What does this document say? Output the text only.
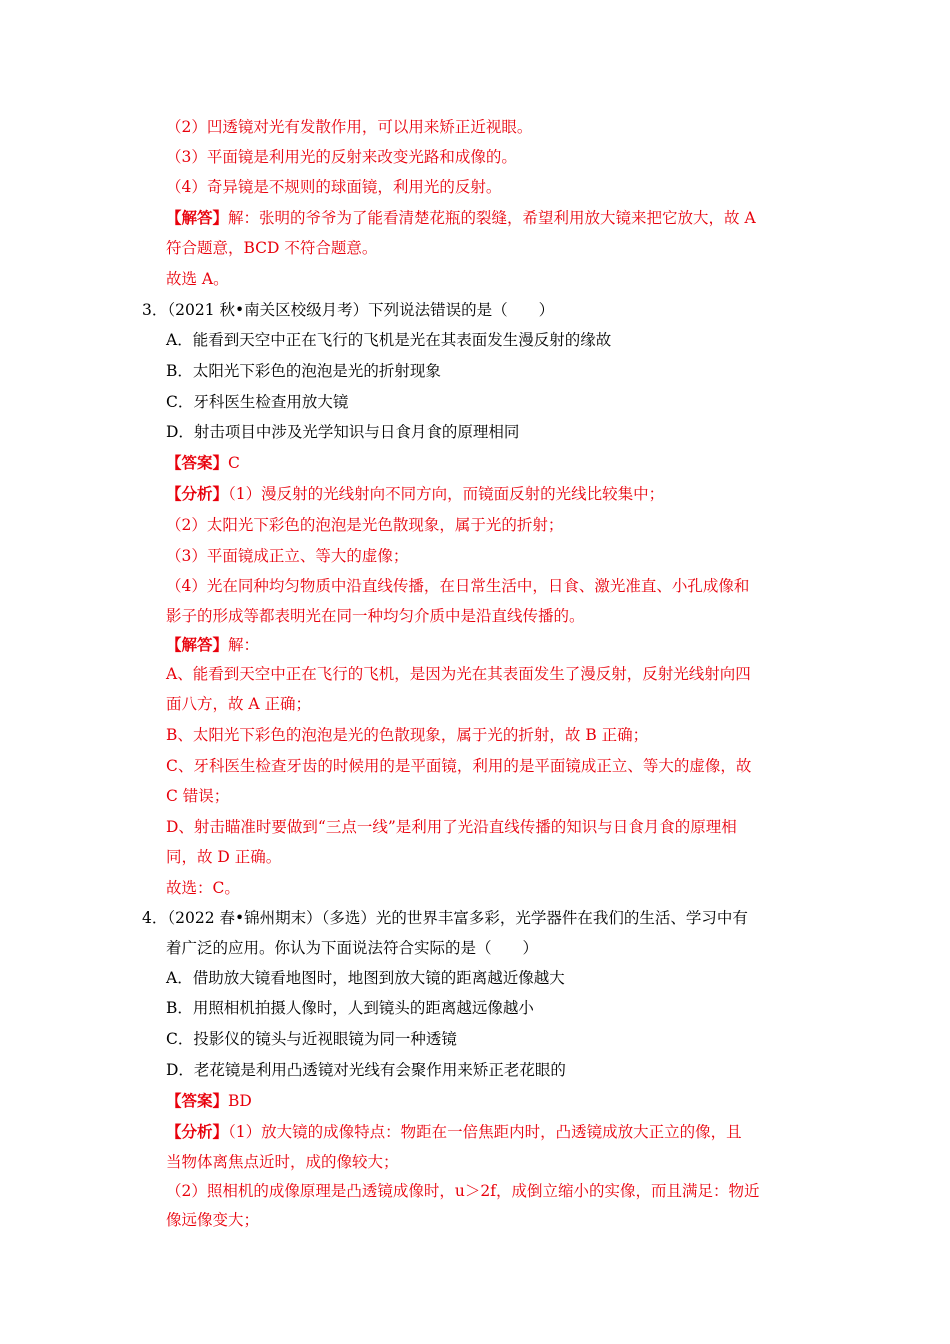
（2）凹透镜对光有发散作用，可以用来矫正近视眼。
（3）平面镜是利用光的反射来改变光路和成像的。
（4）奇异镜是不规则的球面镜，利用光的反射。
【解答】解：张明的爷爷为了能看清楚花瓶的裂缝，希望利用放大镜来把它放大，故 A
符合题意，BCD 不符合题意。
故选 A。
3．（2021 秋•南关区校级月考）下列说法错误的是（　　）
A．能看到天空中正在飞行的飞机是光在其表面发生漫反射的缘故
B．太阳光下彩色的泡泡是光的折射现象
C．牙科医生检查用放大镜
D．射击项目中涉及光学知识与日食月食的原理相同
【答案】C
【分析】（1）漫反射的光线射向不同方向，而镜面反射的光线比较集中；
（2）太阳光下彩色的泡泡是光色散现象，属于光的折射；
（3）平面镜成正立、等大的虚像；
（4）光在同种均匀物质中沿直线传播，在日常生活中，日食、激光准直、小孔成像和
影子的形成等都表明光在同一种均匀介质中是沿直线传播的。
【解答】解：
A、能看到天空中正在飞行的飞机，是因为光在其表面发生了漫反射，反射光线射向四
面八方，故 A 正确；
B、太阳光下彩色的泡泡是光的色散现象，属于光的折射，故 B 正确；
C、牙科医生检查牙齿的时候用的是平面镜，利用的是平面镜成正立、等大的虚像，故
C 错误；
D、射击瞄准时要做到“三点一线”是利用了光沿直线传播的知识与日食月食的原理相
同，故 D 正确。
故选：C。
4．（2022 春•锦州期末）（多选）光的世界丰富多彩，光学器件在我们的生活、学习中有
着广泛的应用。你认为下面说法符合实际的是（　　）
A．借助放大镜看地图时，地图到放大镜的距离越近像越大
B．用照相机拍摄人像时，人到镜头的距离越远像越小
C．投影仪的镜头与近视眼镜为同一种透镜
D．老花镜是利用凸透镜对光线有会聚作用来矫正老花眼的
【答案】BD
【分析】（1）放大镜的成像特点：物距在一倍焦距内时，凸透镜成放大正立的像，且
当物体离焦点近时，成的像较大；
（2）照相机的成像原理是凸透镜成像时，u＞2f，成倒立缩小的实像，而且满足：物近
像远像变大；
